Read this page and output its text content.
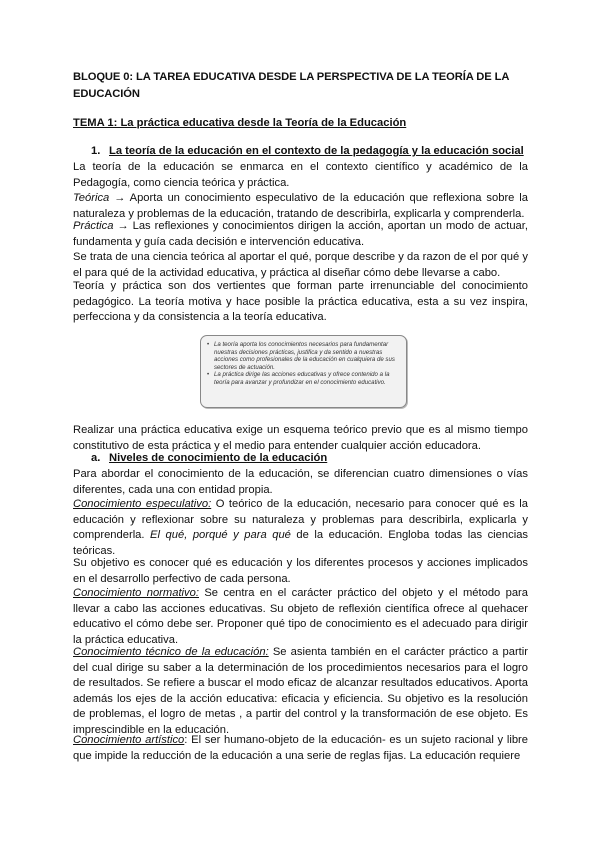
BLOQUE 0: LA TAREA EDUCATIVA DESDE LA PERSPECTIVA DE LA TEORÍA DE LA EDUCACIÓN
TEMA 1: La práctica educativa desde la Teoría de la Educación
1. La teoría de la educación en el contexto de la pedagogía y la educación social
La teoría de la educación se enmarca en el contexto científico y académico de la Pedagogía, como ciencia teórica y práctica.
Teórica → Aporta un conocimiento especulativo de la educación que reflexiona sobre la naturaleza y problemas de la educación, tratando de describirla, explicarla y comprenderla.
Práctica → Las reflexiones y conocimientos dirigen la acción, aportan un modo de actuar, fundamenta y guía cada decisión e intervención educativa.
Se trata de una ciencia teórica al aportar el qué, porque describe y da razon de el por qué y el para qué de la actividad educativa, y práctica al diseñar cómo debe llevarse a cabo.
Teoría y práctica son dos vertientes que forman parte irrenunciable del conocimiento pedagógico. La teoría motiva y hace posible la práctica educativa, esta a su vez inspira, perfecciona y da consistencia a la teoría educativa.
• La teoría aporta los conocimientos necesarios para fundamentar nuestras decisiones prácticas, justifica y da sentido a nuestras acciones como profesionales de la educación en cualquiera de sus sectores de actuación.
• La práctica dirige las acciones educativas y ofrece contenido a la teoría para avanzar y profundizar en el conocimiento educativo.
Realizar una práctica educativa exige un esquema teórico previo que es al mismo tiempo constitutivo de esta práctica y el medio para entender cualquier acción educadora.
a. Niveles de conocimiento de la educación
Para abordar el conocimiento de la educación, se diferencian cuatro dimensiones o vías diferentes, cada una con entidad propia.
Conocimiento especulativo: O teórico de la educación, necesario para conocer qué es la educación y reflexionar sobre su naturaleza y problemas para describirla, explicarla y comprenderla. El qué, porqué y para qué de la educación. Engloba todas las ciencias teóricas.
Su objetivo es conocer qué es educación y los diferentes procesos y acciones implicados en el desarrollo perfectivo de cada persona.
Conocimiento normativo: Se centra en el carácter práctico del objeto y el método para llevar a cabo las acciones educativas. Su objeto de reflexión científica ofrece al quehacer educativo el cómo debe ser. Proponer qué tipo de conocimiento es el adecuado para dirigir la práctica educativa.
Conocimiento técnico de la educación: Se asienta también en el carácter práctico a partir del cual dirige su saber a la determinación de los procedimientos necesarios para el logro de resultados. Se refiere a buscar el modo eficaz de alcanzar resultados educativos. Aporta además los ejes de la acción educativa: eficacia y eficiencia. Su objetivo es la resolución de problemas, el logro de metas , a partir del control y la transformación de ese objeto. Es imprescindible en la educación.
Conocimiento artístico: El ser humano-objeto de la educación- es un sujeto racional y libre que impide la reducción de la educación a una serie de reglas fijas. La educación requiere
